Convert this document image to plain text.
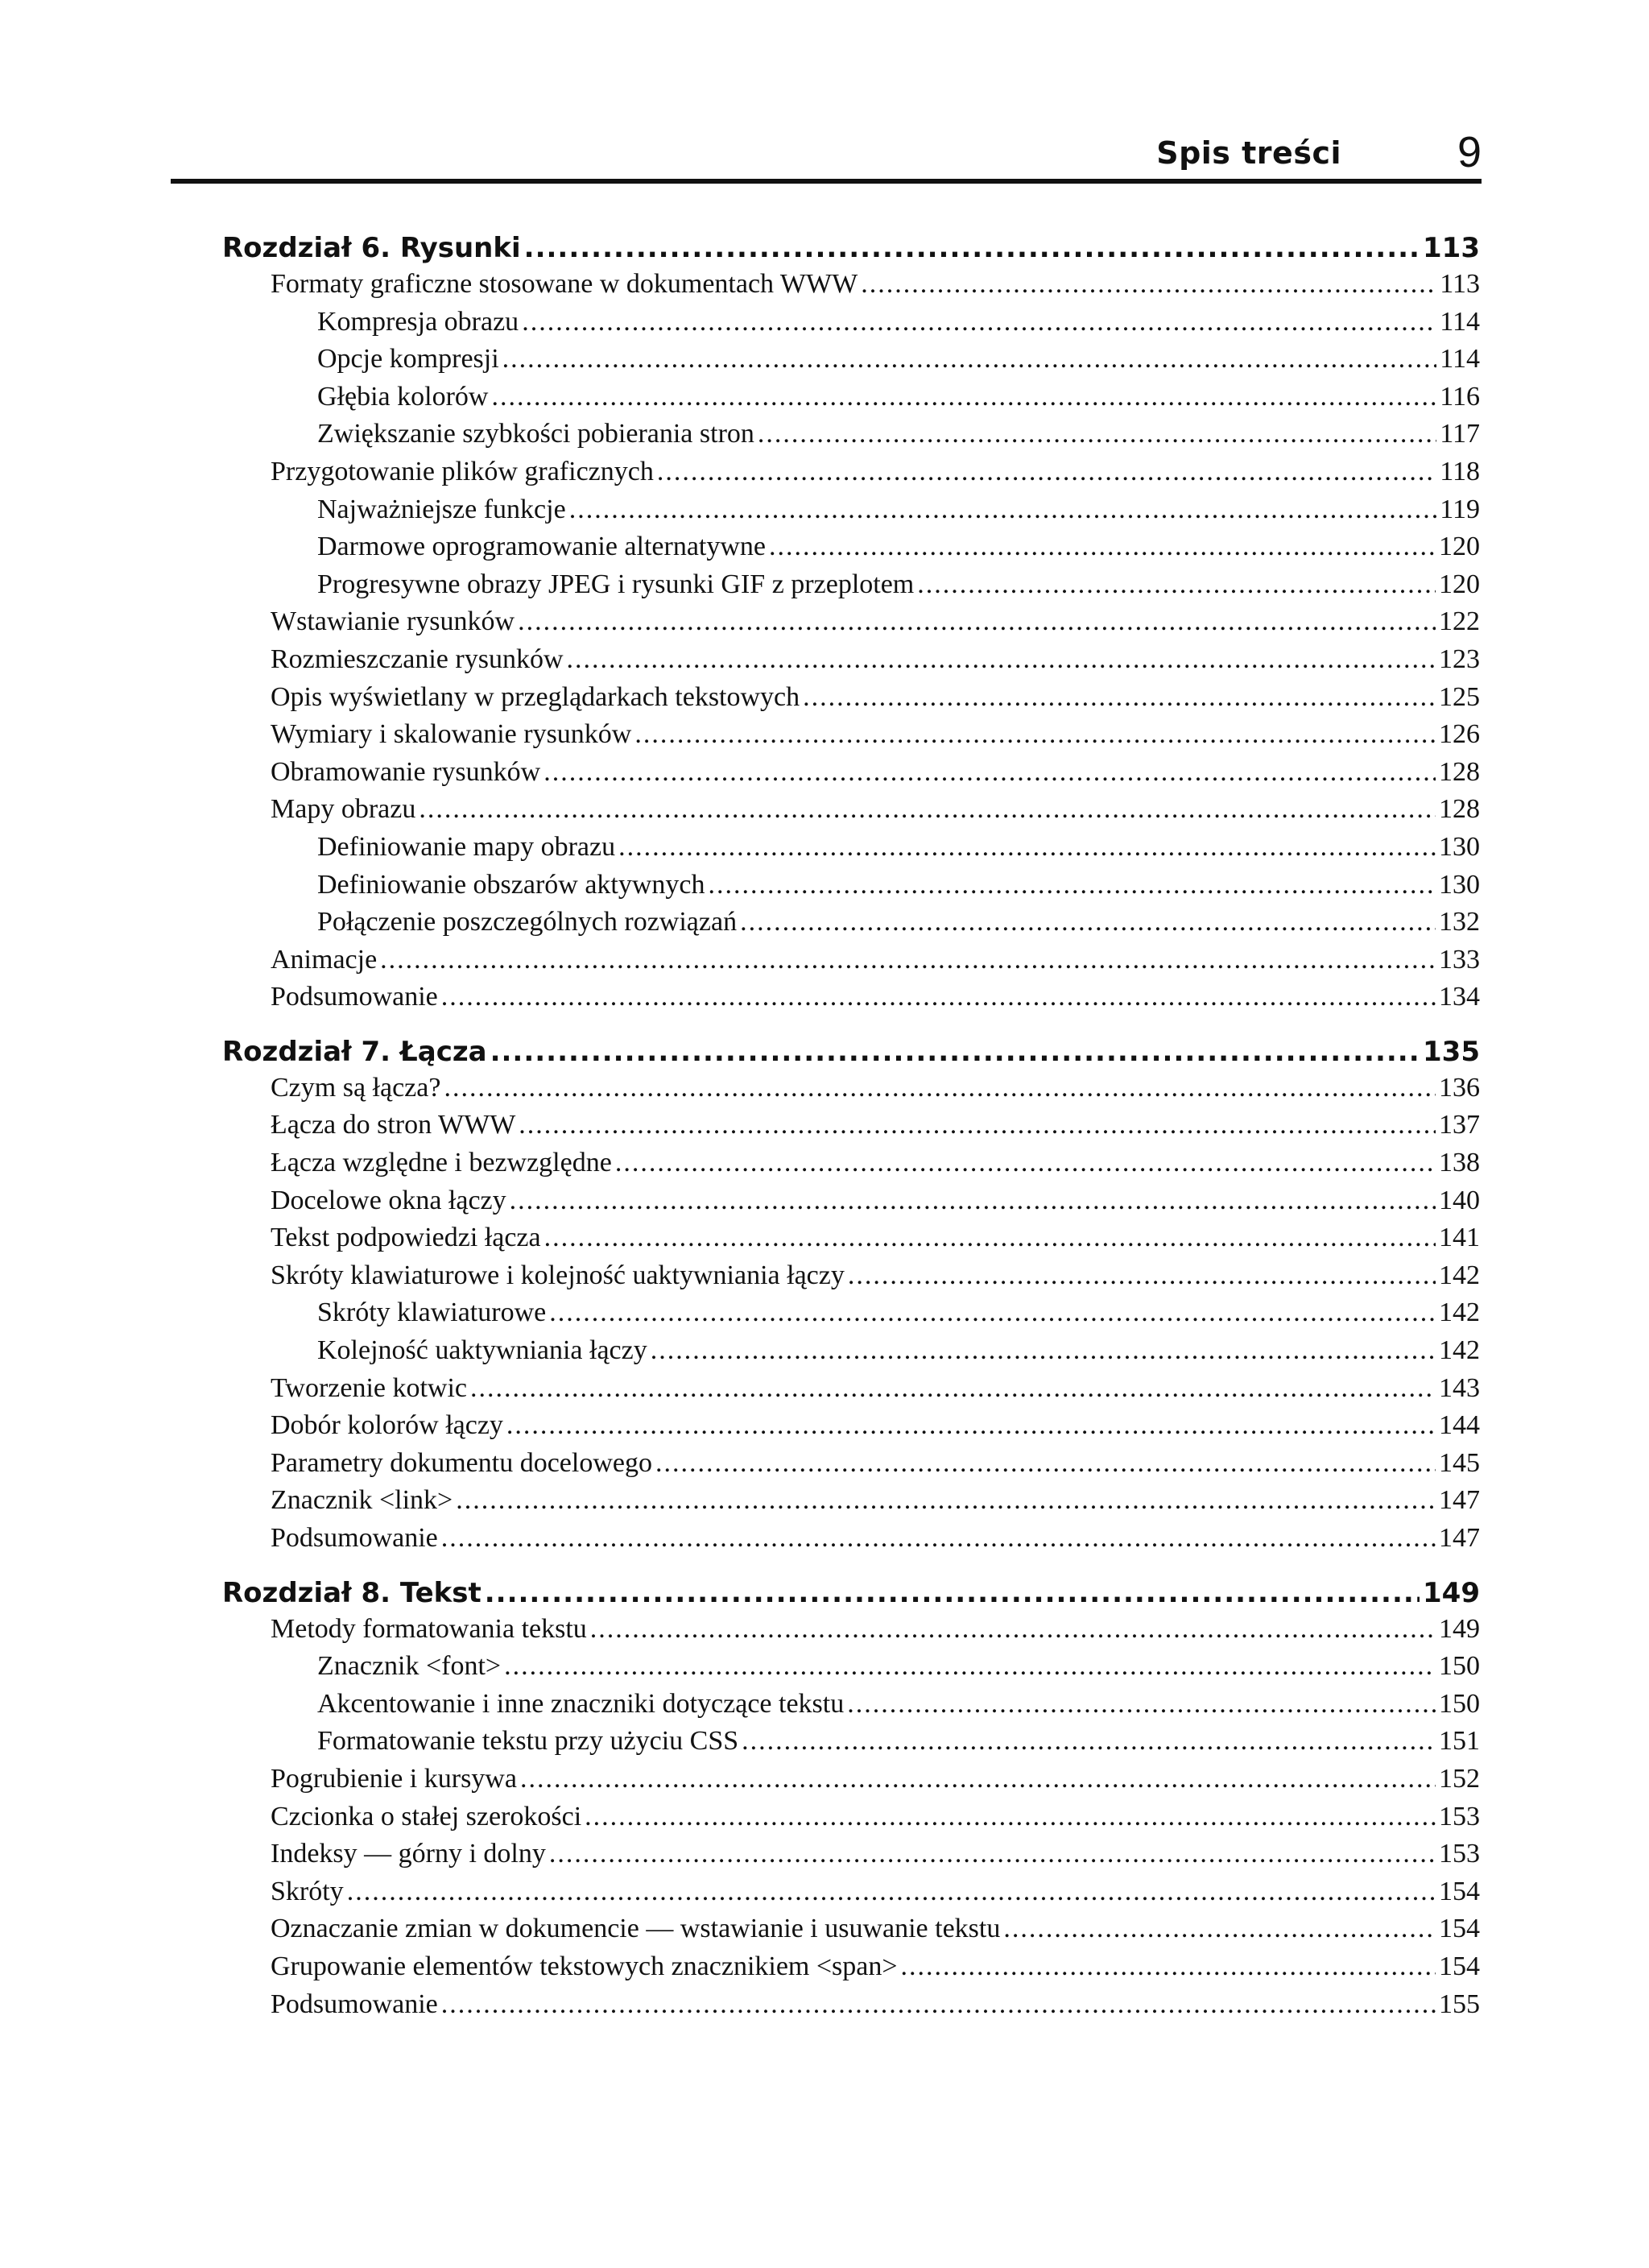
Spis treści	9
Rozdział 6. Rysunki .....	113
Formaty graficzne stosowane w dokumentach WWW .....	113
Kompresja obrazu .....	114
Opcje kompresji .....	114
Głębia kolorów .....	116
Zwiększanie szybkości pobierania stron .....	117
Przygotowanie plików graficznych .....	118
Najważniejsze funkcje .....	119
Darmowe oprogramowanie alternatywne .....	120
Progresywne obrazy JPEG i rysunki GIF z przeplotem .....	120
Wstawianie rysunków .....	122
Rozmieszczanie rysunków .....	123
Opis wyświetlany w przeglądarkach tekstowych .....	125
Wymiary i skalowanie rysunków .....	126
Obramowanie rysunków .....	128
Mapy obrazu .....	128
Definiowanie mapy obrazu .....	130
Definiowanie obszarów aktywnych .....	130
Połączenie poszczególnych rozwiązań .....	132
Animacje .....	133
Podsumowanie .....	134
Rozdział 7. Łącza .....	135
Czym są łącza? .....	136
Łącza do stron WWW .....	137
Łącza względne i bezwzględne .....	138
Docelowe okna łączy .....	140
Tekst podpowiedzi łącza .....	141
Skróty klawiaturowe i kolejność uaktywniania łączy .....	142
Skróty klawiaturowe .....	142
Kolejność uaktywniania łączy .....	142
Tworzenie kotwic .....	143
Dobór kolorów łączy .....	144
Parametry dokumentu docelowego .....	145
Znacznik <link> .....	147
Podsumowanie .....	147
Rozdział 8. Tekst .....	149
Metody formatowania tekstu .....	149
Znacznik <font> .....	150
Akcentowanie i inne znaczniki dotyczące tekstu .....	150
Formatowanie tekstu przy użyciu CSS .....	151
Pogrubienie i kursywa .....	152
Czcionka o stałej szerokości .....	153
Indeksy — górny i dolny .....	153
Skróty .....	154
Oznaczanie zmian w dokumencie — wstawianie i usuwanie tekstu .....	154
Grupowanie elementów tekstowych znacznikiem <span> .....	154
Podsumowanie .....	155
